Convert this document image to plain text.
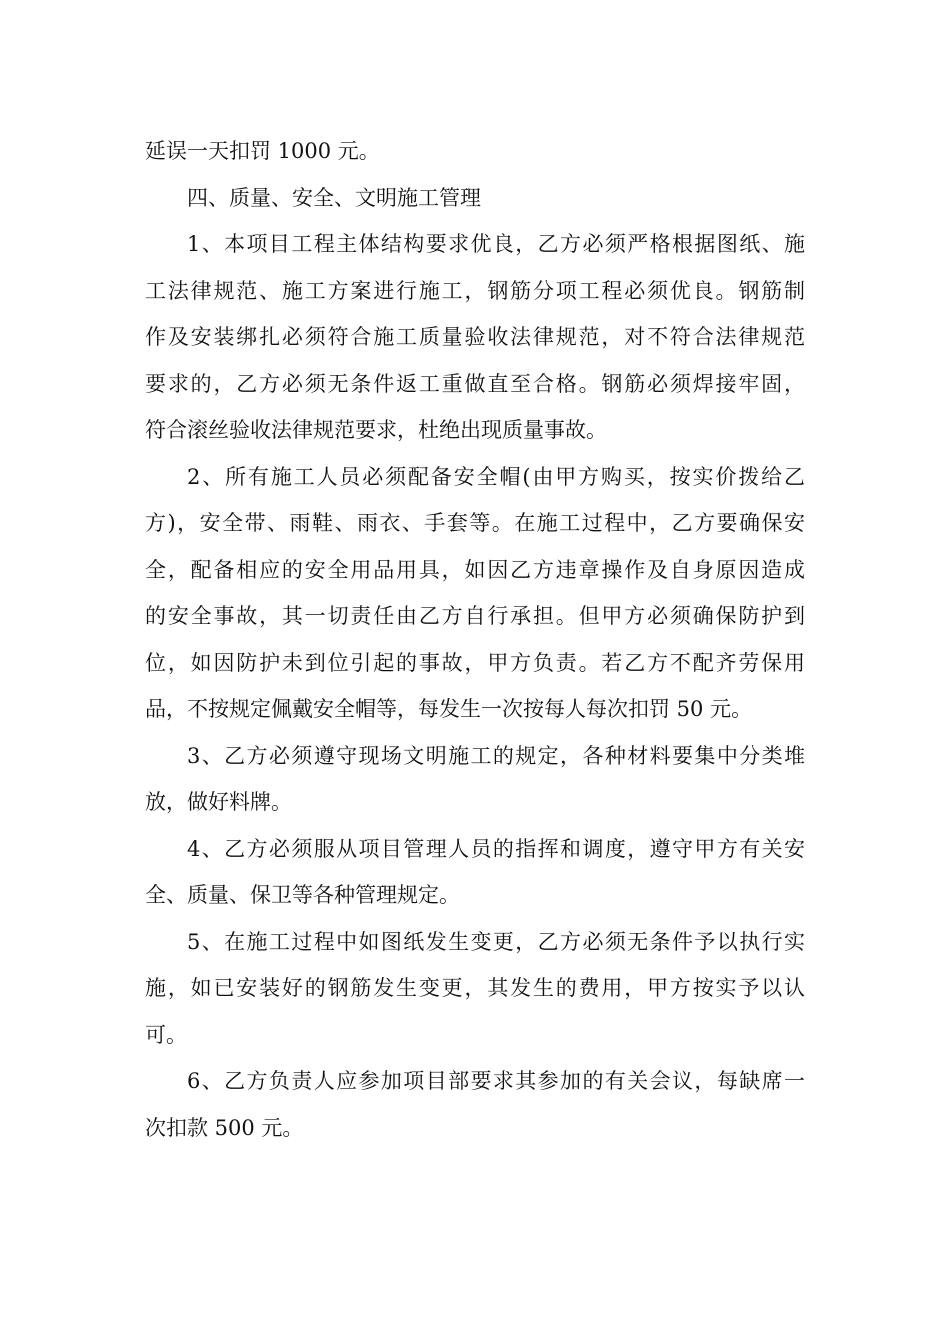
延误一天扣罚 1000 元。
四、质量、安全、文明施工管理
1、本项目工程主体结构要求优良，乙方必须严格根据图纸、施
工法律规范、施工方案进行施工，钢筋分项工程必须优良。钢筋制
作及安装绑扎必须符合施工质量验收法律规范，对不符合法律规范
要求的，乙方必须无条件返工重做直至合格。钢筋必须焊接牢固，
符合滚丝验收法律规范要求，杜绝出现质量事故。
2、所有施工人员必须配备安全帽(由甲方购买，按实价拨给乙
方)，安全带、雨鞋、雨衣、手套等。在施工过程中，乙方要确保安
全，配备相应的安全用品用具，如因乙方违章操作及自身原因造成
的安全事故，其一切责任由乙方自行承担。但甲方必须确保防护到
位，如因防护未到位引起的事故，甲方负责。若乙方不配齐劳保用
品，不按规定佩戴安全帽等，每发生一次按每人每次扣罚 50 元。
3、乙方必须遵守现场文明施工的规定，各种材料要集中分类堆
放，做好料牌。
4、乙方必须服从项目管理人员的指挥和调度，遵守甲方有关安
全、质量、保卫等各种管理规定。
5、在施工过程中如图纸发生变更，乙方必须无条件予以执行实
施，如已安装好的钢筋发生变更，其发生的费用，甲方按实予以认
可。
6、乙方负责人应参加项目部要求其参加的有关会议，每缺席一
次扣款 500 元。
